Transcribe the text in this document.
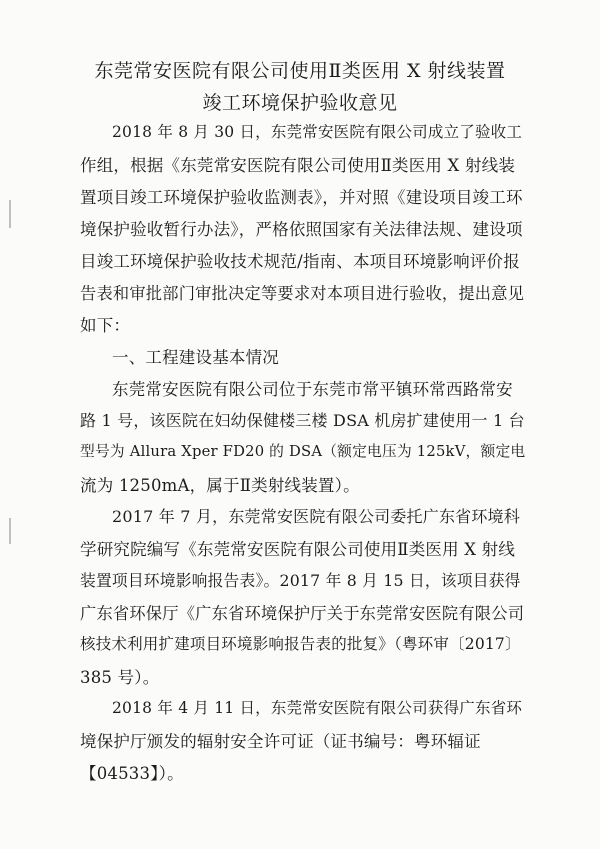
东莞常安医院有限公司使用Ⅱ类医用 X 射线装置
竣工环境保护验收意见
2018 年 8 月 30 日，东莞常安医院有限公司成立了验收工
作组，根据《东莞常安医院有限公司使用Ⅱ类医用 X 射线装
置项目竣工环境保护验收监测表》，并对照《建设项目竣工环
境保护验收暂行办法》，严格依照国家有关法律法规、建设项
目竣工环境保护验收技术规范/指南、本项目环境影响评价报
告表和审批部门审批决定等要求对本项目进行验收，提出意见
如下：
一、工程建设基本情况
东莞常安医院有限公司位于东莞市常平镇环常西路常安
路 1 号，该医院在妇幼保健楼三楼 DSA 机房扩建使用一 1 台
型号为 Allura Xper FD20 的 DSA（额定电压为 125kV，额定电
流为 1250mA，属于Ⅱ类射线装置）。
2017 年 7 月，东莞常安医院有限公司委托广东省环境科
学研究院编写《东莞常安医院有限公司使用Ⅱ类医用 X 射线
装置项目环境影响报告表》。2017 年 8 月 15 日，该项目获得
广东省环保厅《广东省环境保护厅关于东莞常安医院有限公司
核技术利用扩建项目环境影响报告表的批复》（粤环审〔2017〕
385 号）。
2018 年 4 月 11 日，东莞常安医院有限公司获得广东省环
境保护厅颁发的辐射安全许可证（证书编号：粤环辐证
【04533】）。
